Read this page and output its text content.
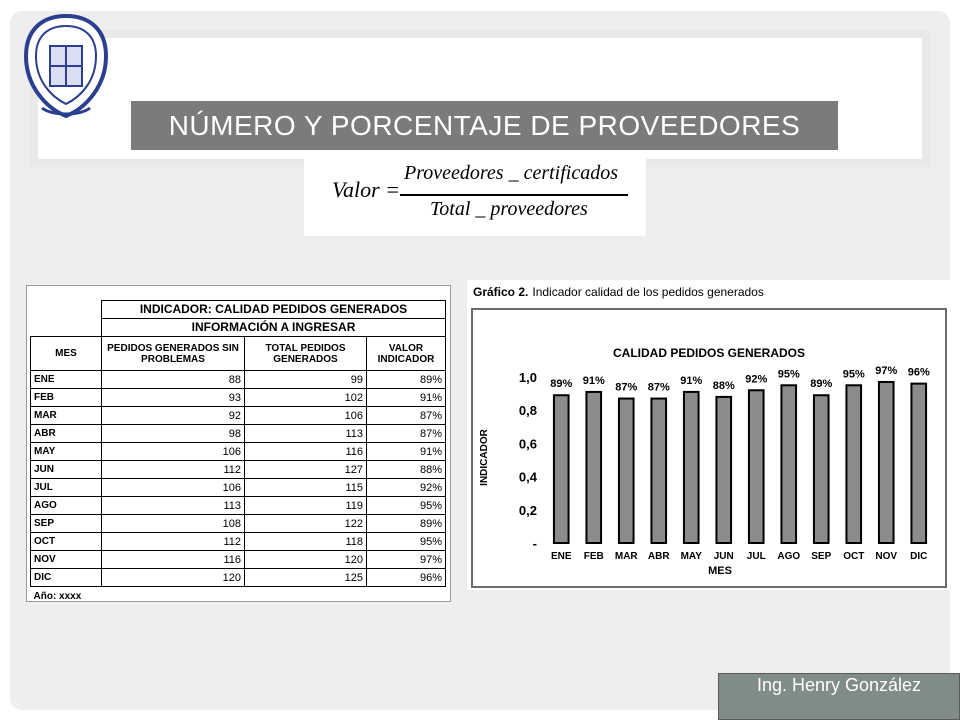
NÚMERO Y PORCENTAJE DE PROVEEDORES
Valor =
Proveedores _ certificados
Total _ proveedores
	INDICADOR: CALIDAD PEDIDOS GENERADOS		
	INFORMACIÓN A INGRESAR		
MES	PEDIDOS GENERADOS SIN PROBLEMAS	TOTAL PEDIDOS GENERADOS	VALOR INDICADOR
ENE	88	99	89%
FEB	93	102	91%
MAR	92	106	87%
ABR	98	113	87%
MAY	106	116	91%
JUN	112	127	88%
JUL	106	115	92%
AGO	113	119	95%
SEP	108	122	89%
OCT	112	118	95%
NOV	116	120	97%
DIC	120	125	96%
Año: xxxx			
Gráfico 2. Indicador calidad de los pedidos generados
CALIDAD PEDIDOS GENERADOS
-
0,2
0,4
0,6
0,8
1,0
INDICADOR
89%
ENE
91%
FEB
87%
MAR
87%
ABR
91%
MAY
88%
JUN
92%
JUL
95%
AGO
89%
SEP
95%
OCT
97%
NOV
96%
DIC
MES
Ing. Henry González
